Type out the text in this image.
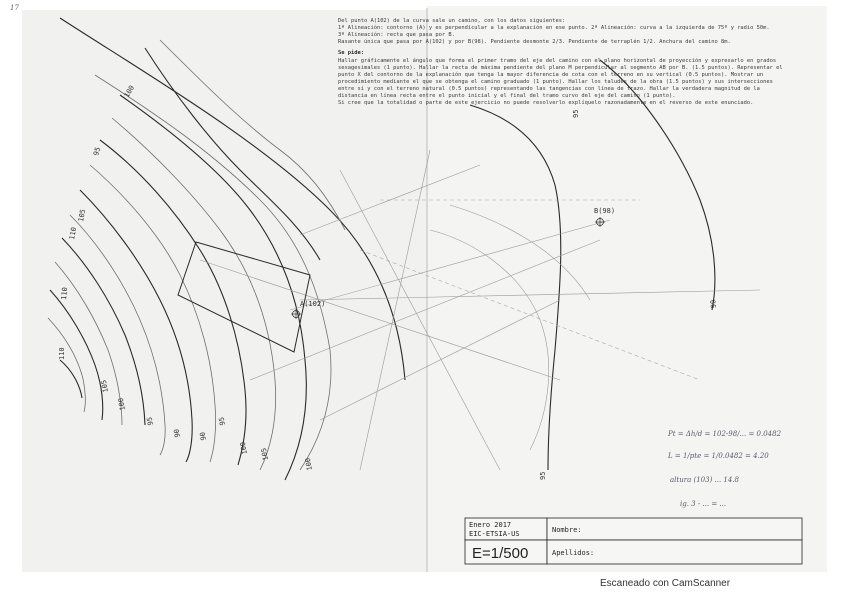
17
Del punto A(102) de la curva sale un camino, con los datos siguientes:
1ª Alineación: contorno (A) y es perpendicular a la explanación en ese punto. 2ª Alineación: curva a la izquierda de 75º y radio 50m.
3ª Alineación: recta que pasa por B.
Rasante única que pasa por A(102) y por B(98). Pendiente desmonte 2/3. Pendiente de terraplén 1/2. Anchura del camino 8m.
Se pide:
Hallar gráficamente el ángulo que forma el primer tramo del eje del camino con el plano horizontal de proyección y expresarlo en grados
sexagesimales (1 punto). Hallar la recta de máxima pendiente del plano M perpendicular al segmento AB por B. (1.5 puntos). Representar el
punto X del contorno de la explanación que tenga la mayor diferencia de cota con el terreno en su vertical (0.5 puntos). Mostrar un
procedimiento mediante el que se obtenga el camino graduado (1 punto). Hallar los taludes de la obra (1.5 puntos) y sus intersecciones
entre sí y con el terreno natural (0.5 puntos) representando las tangencias con línea de trazo. Hallar la verdadera magnitud de la
distancia en línea recta entre el punto inicial y el final del tramo curvo del eje del camino (1 punto).
Si cree que la totalidad o parte de este ejercicio no puede resolverlo explíquelo razonadamente en el reverso de este enunciado.
A(102)
B(98)
100
95
105
110
110
105
100
95
90 90
95
100 105
110
100
95
90
95
Pt = Δh/d = 102-98/... = 0.0482
L = 1/pte = 1/0.0482 = 4.20
altura (103) ... 14.8
ig. 3 - ... = ...
Enero 2017
EIC-ETSIA-US
E=1/500
Nombre:
Apellidos:
Escaneado con CamScanner
